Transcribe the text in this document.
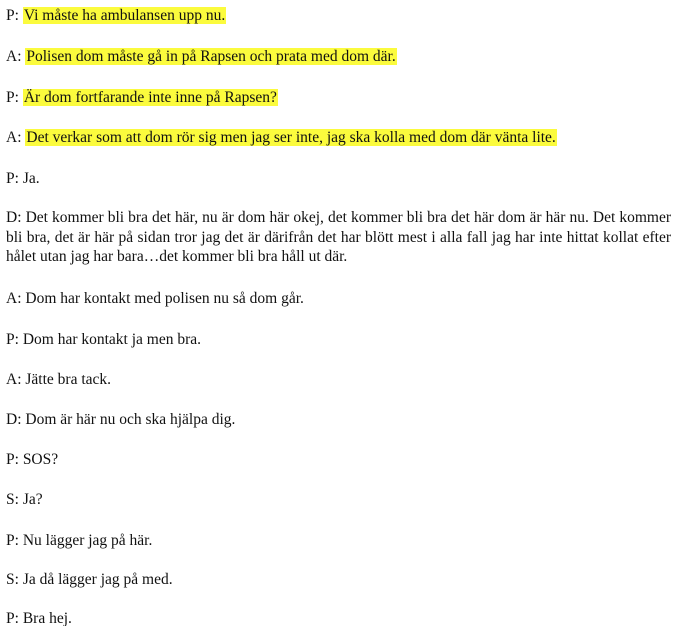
P: Vi måste ha ambulansen upp nu.
A: Polisen dom måste gå in på Rapsen och prata med dom där.
P: Är dom fortfarande inte inne på Rapsen?
A: Det verkar som att dom rör sig men jag ser inte, jag ska kolla med dom där vänta lite.
P: Ja.
D: Det kommer bli bra det här, nu är dom här okej, det kommer bli bra det här dom är här nu. Det kommer bli bra, det är här på sidan tror jag det är därifrån det har blött mest i alla fall jag har inte hittat kollat efter hålet utan jag har bara…det kommer bli bra håll ut där.
A: Dom har kontakt med polisen nu så dom går.
P: Dom har kontakt ja men bra.
A: Jätte bra tack.
D: Dom är här nu och ska hjälpa dig.
P: SOS?
S: Ja?
P: Nu lägger jag på här.
S: Ja då lägger jag på med.
P: Bra hej.
